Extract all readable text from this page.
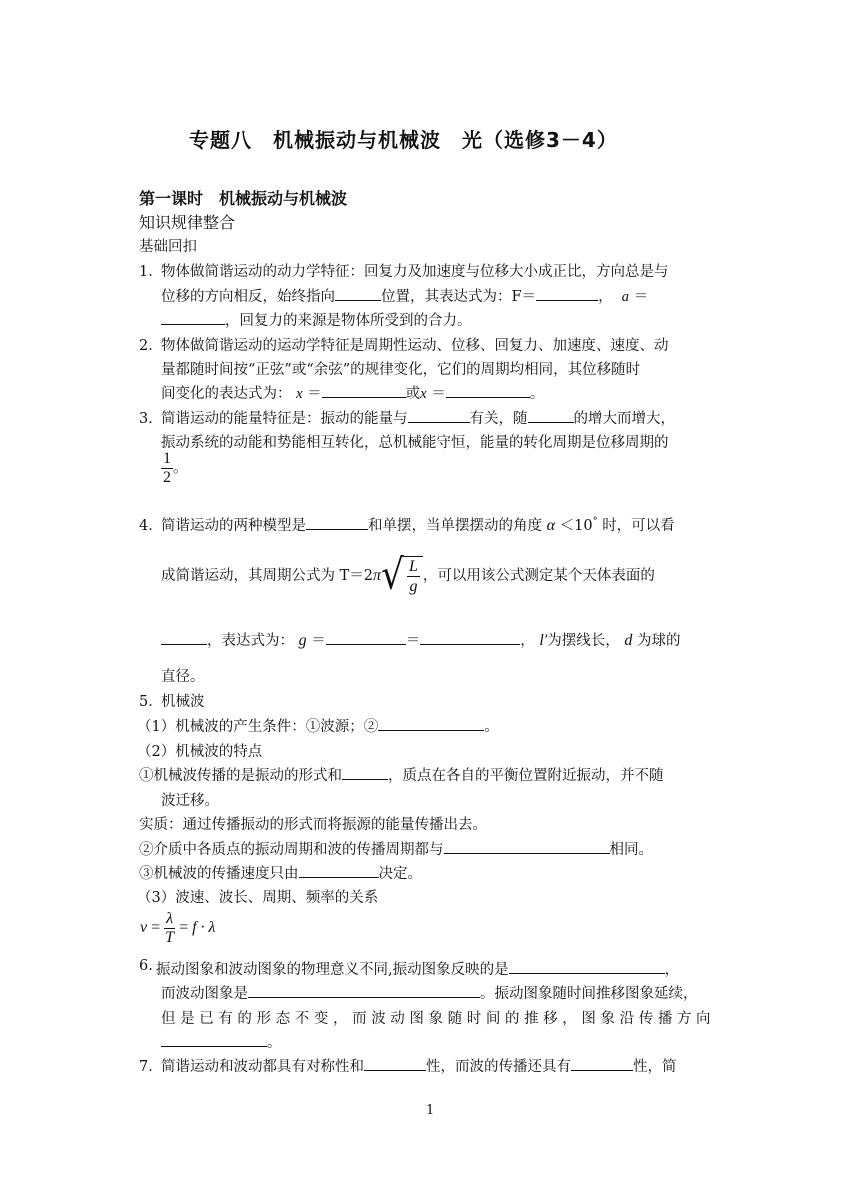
专题八　机械振动与机械波　光（选修3－4）
第一课时　机械振动与机械波
知识规律整合
基础回扣
1．
物体做简谐运动的动力学特征：回复力及加速度与位移大小成正比，方向总是与
位移的方向相反，始终指向	位置，其表达式为：F＝	， a ＝
，回复力的来源是物体所受到的合力。
2．
物体做简谐运动的运动学特征是周期性运动、位移、回复力、加速度、速度、动
量都随时间按“正弦”或“余弦”的规律变化，它们的周期均相同，其位移随时
间变化的表达式为： x ＝	或x ＝	。
3．
简谐运动的能量特征是：振动的能量与	有关，随	的增大而增大，
振动系统的动能和势能相互转化，总机械能守恒，能量的转化周期是位移周期的
$\frac{1}{2}$ 。
4．
简谐运动的两种模型是	和单摆，当单摆摆动的角度 α ＜10° 时，可以看
成简谐运动，其周期公式为 T＝2π √ $\frac{L}{g}$ ，可以用该公式测定某个天体表面的
，表达式为： g ＝	＝	， l′为摆线长， d 为球的
直径。
5．
机械波
（1）机械波的产生条件：①波源；②	。
（2）机械波的特点
①机械波传播的是振动的形式和	，质点在各自的平衡位置附近振动，并不随
波迁移。
实质：通过传播振动的形式而将振源的能量传播出去。
②介质中各质点的振动周期和波的传播周期都与	相同。
③机械波的传播速度只由	决定。
（3）波速、波长、周期、频率的关系
v
=
$\frac{\lambda}{T}$
=
f · λ
6. 振动图象和波动图象的物理意义不同,振动图象反映的是	，
而波动图象是	。振动图象随时间推移图象延续，
但 是 已 有 的 形 态 不 变 ， 而 波 动 图 象 随 时 间 的 推 移 ， 图 象 沿 传 播 方 向
。
7．
简谐运动和波动都具有对称性和	性，而波的传播还具有	性，简
1
